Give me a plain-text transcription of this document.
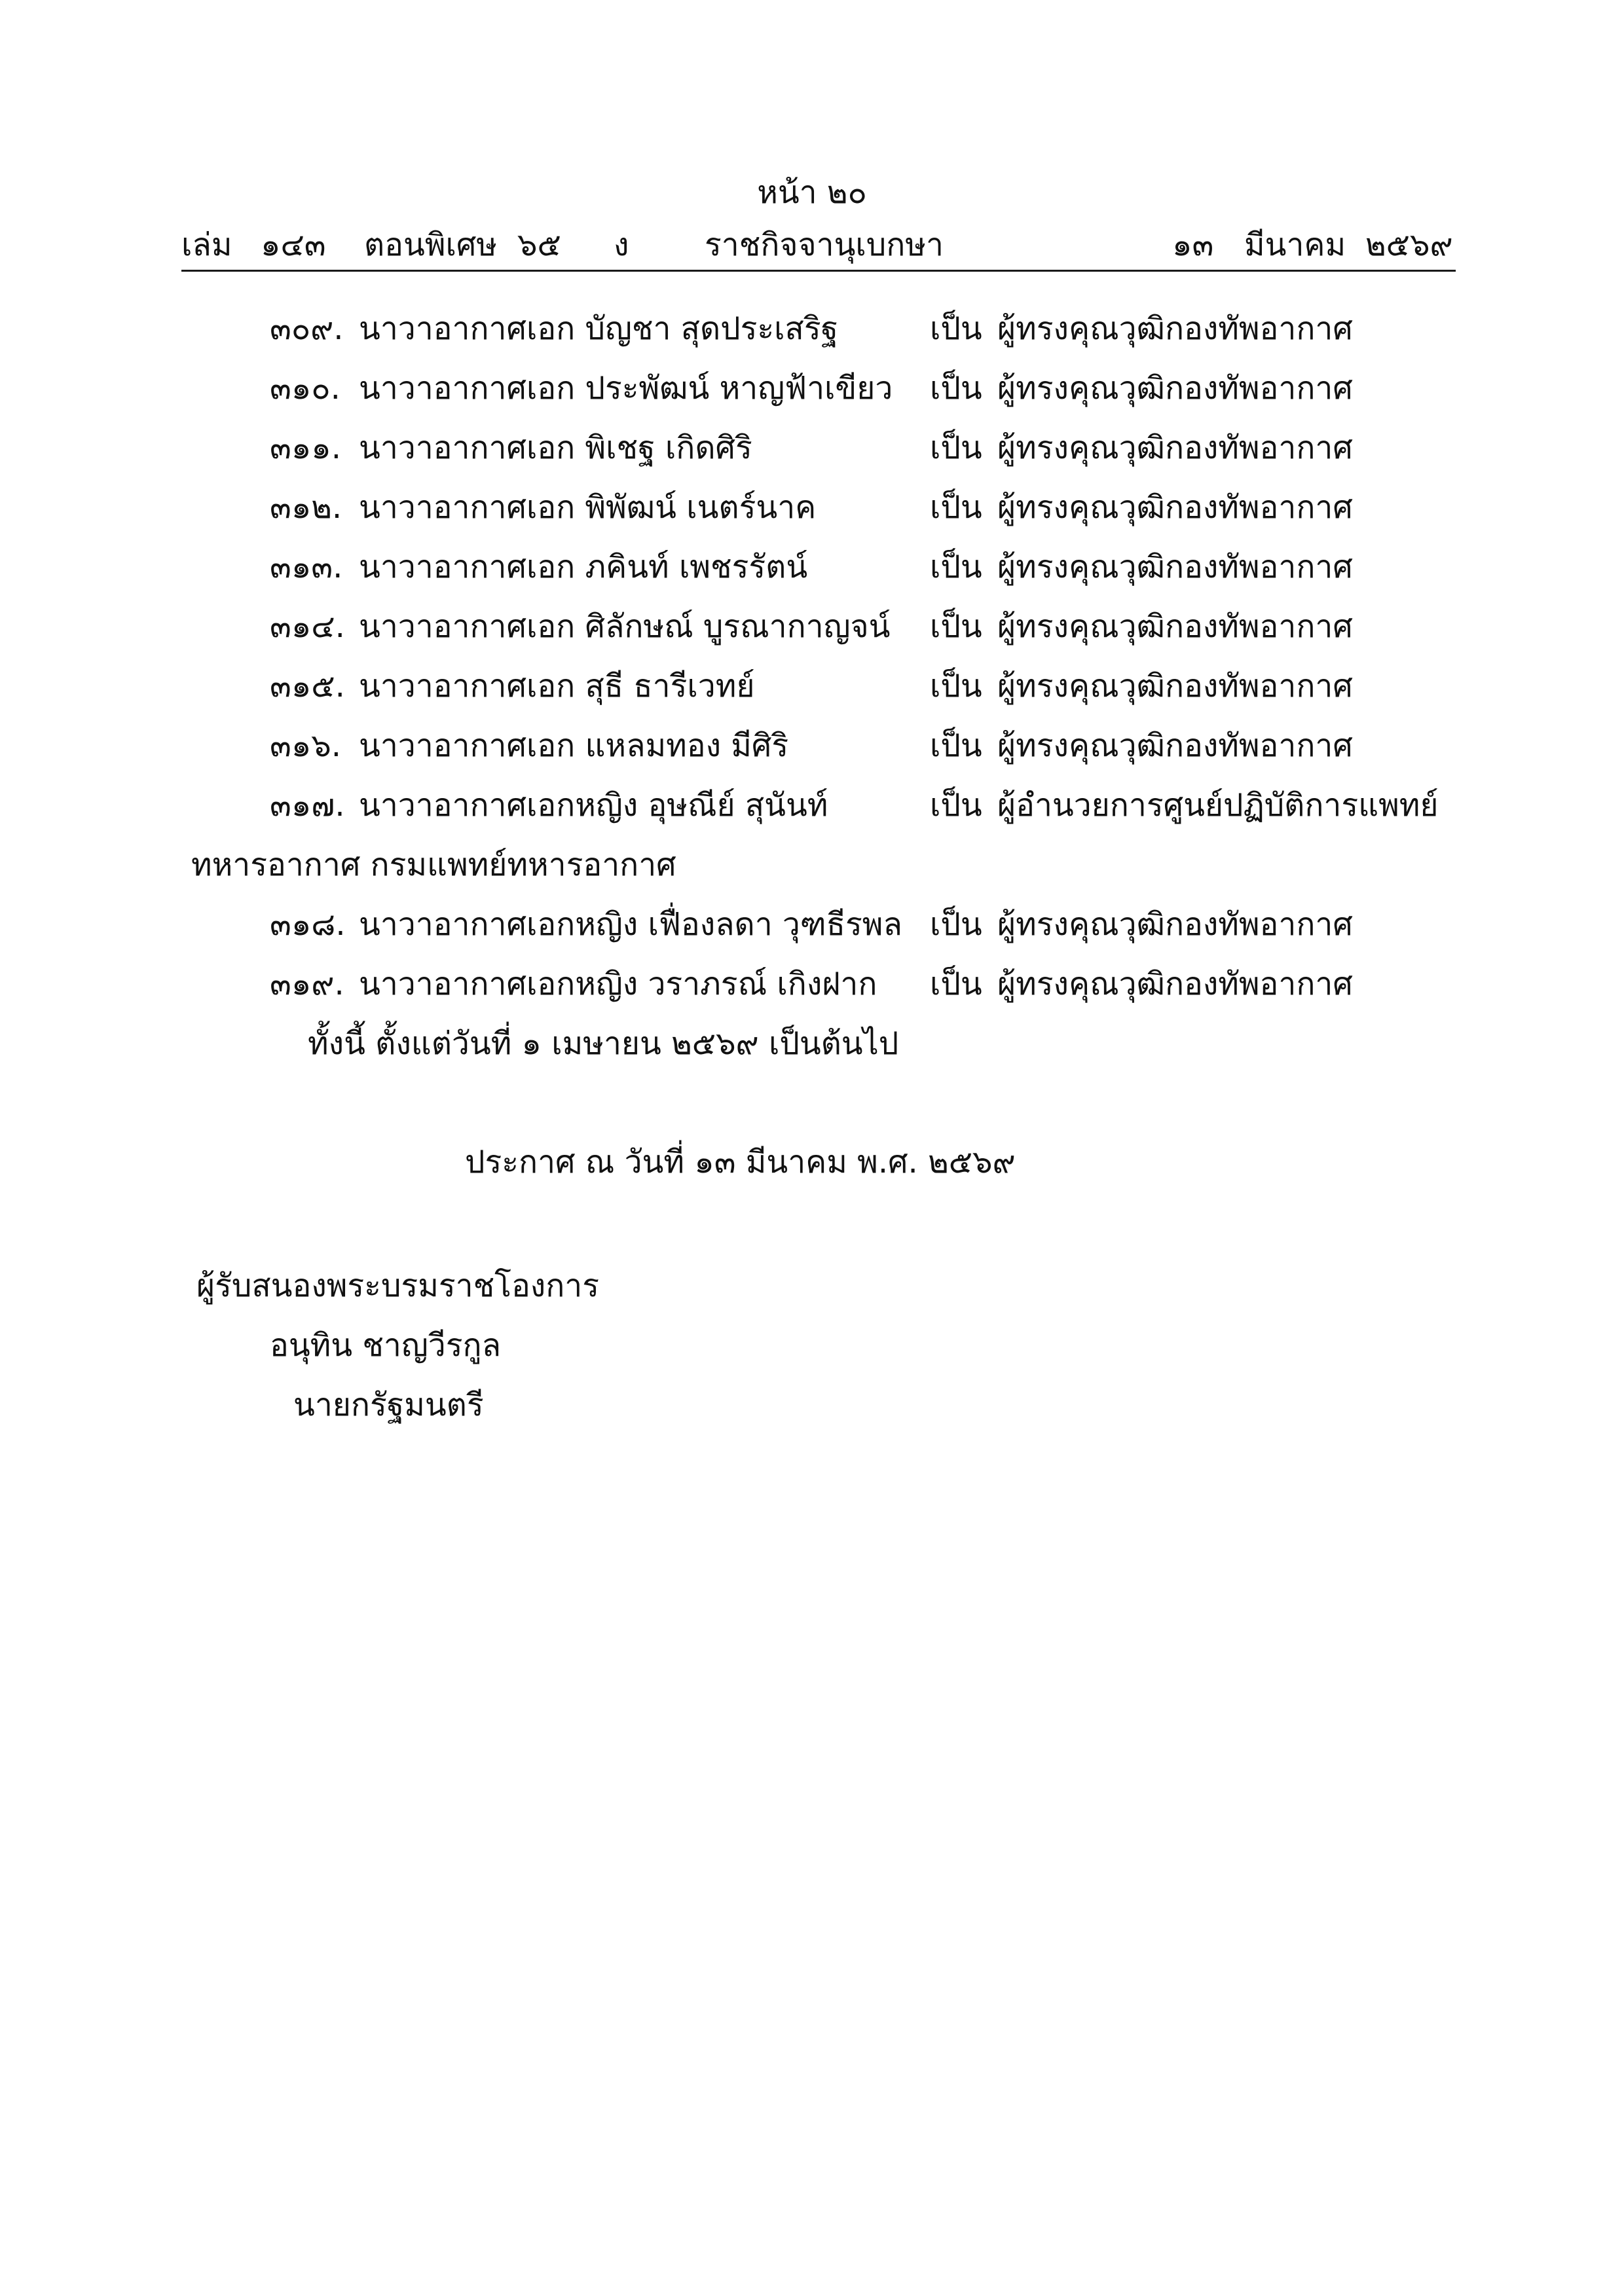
หน้า ๒๐
เล่ม ๑๔๓ ตอนพิเศษ ๖๕ ง ราชกิจจานุเบกษา	๑๓ มีนาคม ๒๕๖๙
๓๐๙. นาวาอากาศเอก บัญชา สุดประเสริฐ	เป็น ผู้ทรงคุณวุฒิกองทัพอากาศ
๓๑๐. นาวาอากาศเอก ประพัฒน์ หาญฟ้าเขียว เป็น ผู้ทรงคุณวุฒิกองทัพอากาศ
๓๑๑. นาวาอากาศเอก พิเชฐ เกิดศิริ	เป็น ผู้ทรงคุณวุฒิกองทัพอากาศ
๓๑๒. นาวาอากาศเอก พิพัฒน์ เนตร์นาค	เป็น ผู้ทรงคุณวุฒิกองทัพอากาศ
๓๑๓. นาวาอากาศเอก ภคินท์ เพชรรัตน์	เป็น ผู้ทรงคุณวุฒิกองทัพอากาศ
๓๑๔. นาวาอากาศเอก ศิลักษณ์ บูรณากาญจน์ เป็น ผู้ทรงคุณวุฒิกองทัพอากาศ
๓๑๕. นาวาอากาศเอก สุธี ธารีเวทย์	เป็น ผู้ทรงคุณวุฒิกองทัพอากาศ
๓๑๖. นาวาอากาศเอก แหลมทอง มีศิริ	เป็น ผู้ทรงคุณวุฒิกองทัพอากาศ
๓๑๗. นาวาอากาศเอกหญิง อุษณีย์ สุนันท์	เป็น ผู้อำนวยการศูนย์ปฏิบัติการแพทย์
ทหารอากาศ กรมแพทย์ทหารอากาศ
๓๑๘. นาวาอากาศเอกหญิง เฟื่องลดา วุฑธีรพล เป็น ผู้ทรงคุณวุฒิกองทัพอากาศ
๓๑๙. นาวาอากาศเอกหญิง วราภรณ์ เกิงฝาก เป็น ผู้ทรงคุณวุฒิกองทัพอากาศ
ทั้งนี้ ตั้งแต่วันที่ ๑ เมษายน ๒๕๖๙ เป็นต้นไป
ประกาศ ณ วันที่ ๑๓ มีนาคม พ.ศ. ๒๕๖๙
ผู้รับสนองพระบรมราชโองการ
อนุทิน ชาญวีรกูล
นายกรัฐมนตรี
